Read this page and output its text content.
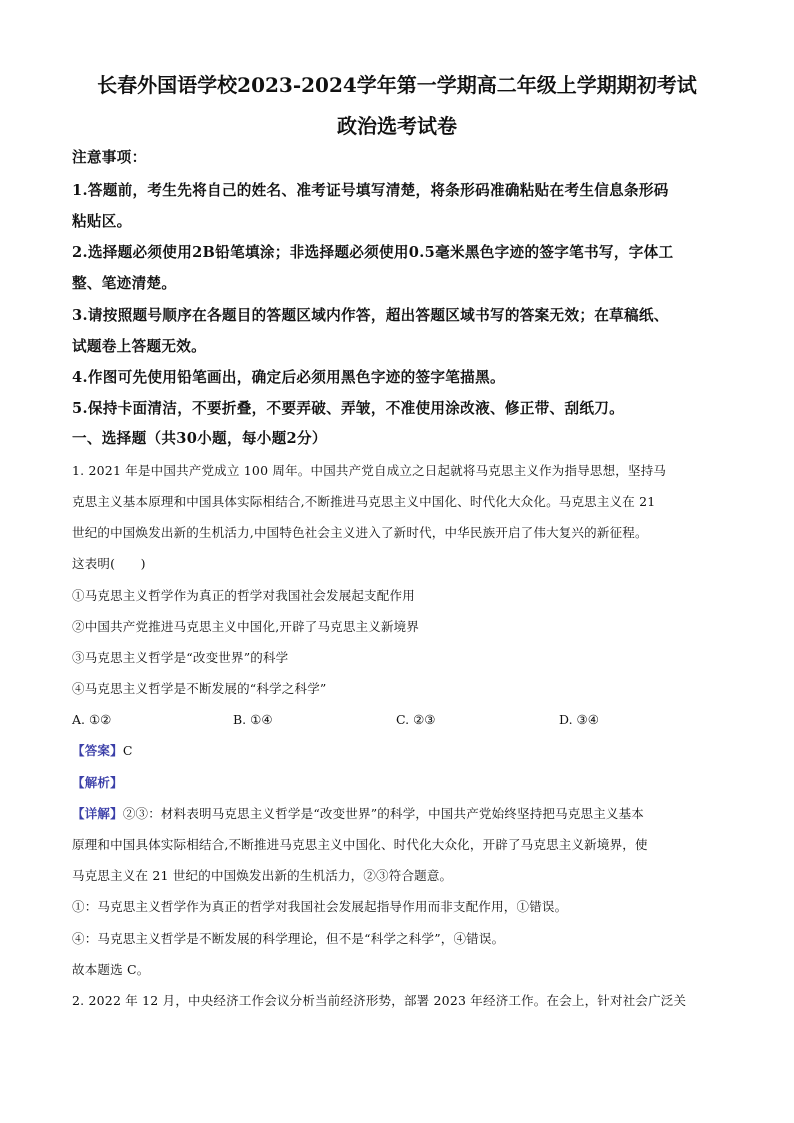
长春外国语学校2023-2024学年第一学期高二年级上学期期初考试
政治选考试卷
注意事项：
1.答题前，考生先将自己的姓名、准考证号填写清楚，将条形码准确粘贴在考生信息条形码
粘贴区。
2.选择题必须使用2B铅笔填涂；非选择题必须使用0.5毫米黑色字迹的签字笔书写，字体工
整、笔迹清楚。
3.请按照题号顺序在各题目的答题区域内作答，超出答题区域书写的答案无效；在草稿纸、
试题卷上答题无效。
4.作图可先使用铅笔画出，确定后必须用黑色字迹的签字笔描黑。
5.保持卡面清洁，不要折叠，不要弄破、弄皱，不准使用涂改液、修正带、刮纸刀。
一、选择题（共30小题，每小题2分）
1. 2021 年是中国共产党成立 100 周年。中国共产党自成立之日起就将马克思主义作为指导思想，坚持马
克思主义基本原理和中国具体实际相结合,不断推进马克思主义中国化、时代化大众化。马克思主义在 21
世纪的中国焕发出新的生机活力,中国特色社会主义进入了新时代，中华民族开启了伟大复兴的新征程。
这表明(　　)
①马克思主义哲学作为真正的哲学对我国社会发展起支配作用
②中国共产党推进马克思主义中国化,开辟了马克思主义新境界
③马克思主义哲学是“改变世界”的科学
④马克思主义哲学是不断发展的“科学之科学”
A. ①②	B. ①④	C. ②③	D. ③④
【答案】C
【解析】
【详解】②③：材料表明马克思主义哲学是“改变世界”的科学，中国共产党始终坚持把马克思主义基本
原理和中国具体实际相结合,不断推进马克思主义中国化、时代化大众化，开辟了马克思主义新境界，使
马克思主义在 21 世纪的中国焕发出新的生机活力，②③符合题意。
①：马克思主义哲学作为真正的哲学对我国社会发展起指导作用而非支配作用，①错误。
④：马克思主义哲学是不断发展的科学理论，但不是“科学之科学”，④错误。
故本题选 C。
2. 2022 年 12 月，中央经济工作会议分析当前经济形势，部署 2023 年经济工作。在会上，针对社会广泛关
